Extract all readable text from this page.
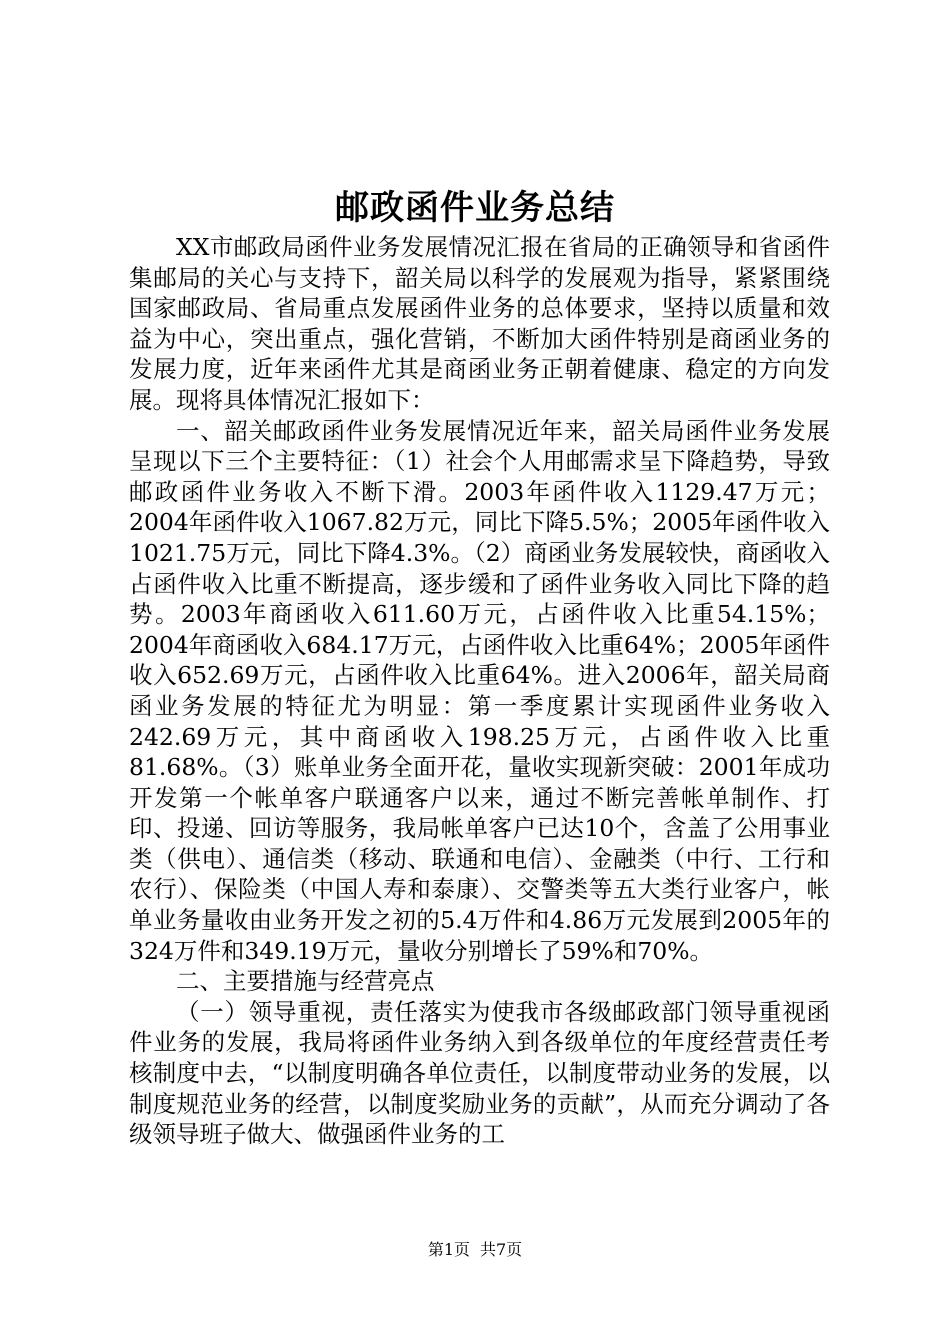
邮政函件业务总结

XX市邮政局函件业务发展情况汇报在省局的正确领导和省函件集邮局的关心与支持下，韶关局以科学的发展观为指导，紧紧围绕国家邮政局、省局重点发展函件业务的总体要求，坚持以质量和效益为中心，突出重点，强化营销，不断加大函件特别是商函业务的发展力度，近年来函件尤其是商函业务正朝着健康、稳定的方向发展。现将具体情况汇报如下：

一、韶关邮政函件业务发展情况近年来，韶关局函件业务发展呈现以下三个主要特征：（1）社会个人用邮需求呈下降趋势，导致邮政函件业务收入不断下滑。2003年函件收入1129.47万元；2004年函件收入1067.82万元，同比下降5.5%；2005年函件收入1021.75万元，同比下降4.3%。（2）商函业务发展较快，商函收入占函件收入比重不断提高，逐步缓和了函件业务收入同比下降的趋势。2003年商函收入611.60万元，占函件收入比重54.15%；2004年商函收入684.17万元，占函件收入比重64%；2005年函件收入652.69万元，占函件收入比重64%。进入2006年，韶关局商函业务发展的特征尤为明显：第一季度累计实现函件业务收入242.69万元，其中商函收入198.25万元，占函件收入比重81.68%。（3）账单业务全面开花，量收实现新突破：2001年成功开发第一个帐单客户联通客户以来，通过不断完善帐单制作、打印、投递、回访等服务，我局帐单客户已达10个，含盖了公用事业类（供电）、通信类（移动、联通和电信）、金融类（中行、工行和农行）、保险类（中国人寿和泰康）、交警类等五大类行业客户，帐单业务量收由业务开发之初的5.4万件和4.86万元发展到2005年的324万件和349.19万元，量收分别增长了59%和70%。

二、主要措施与经营亮点

（一）领导重视，责任落实为使我市各级邮政部门领导重视函件业务的发展，我局将函件业务纳入到各级单位的年度经营责任考核制度中去，“以制度明确各单位责任，以制度带动业务的发展，以制度规范业务的经营，以制度奖励业务的贡献”，从而充分调动了各级领导班子做大、做强函件业务的工

第1页 共7页
